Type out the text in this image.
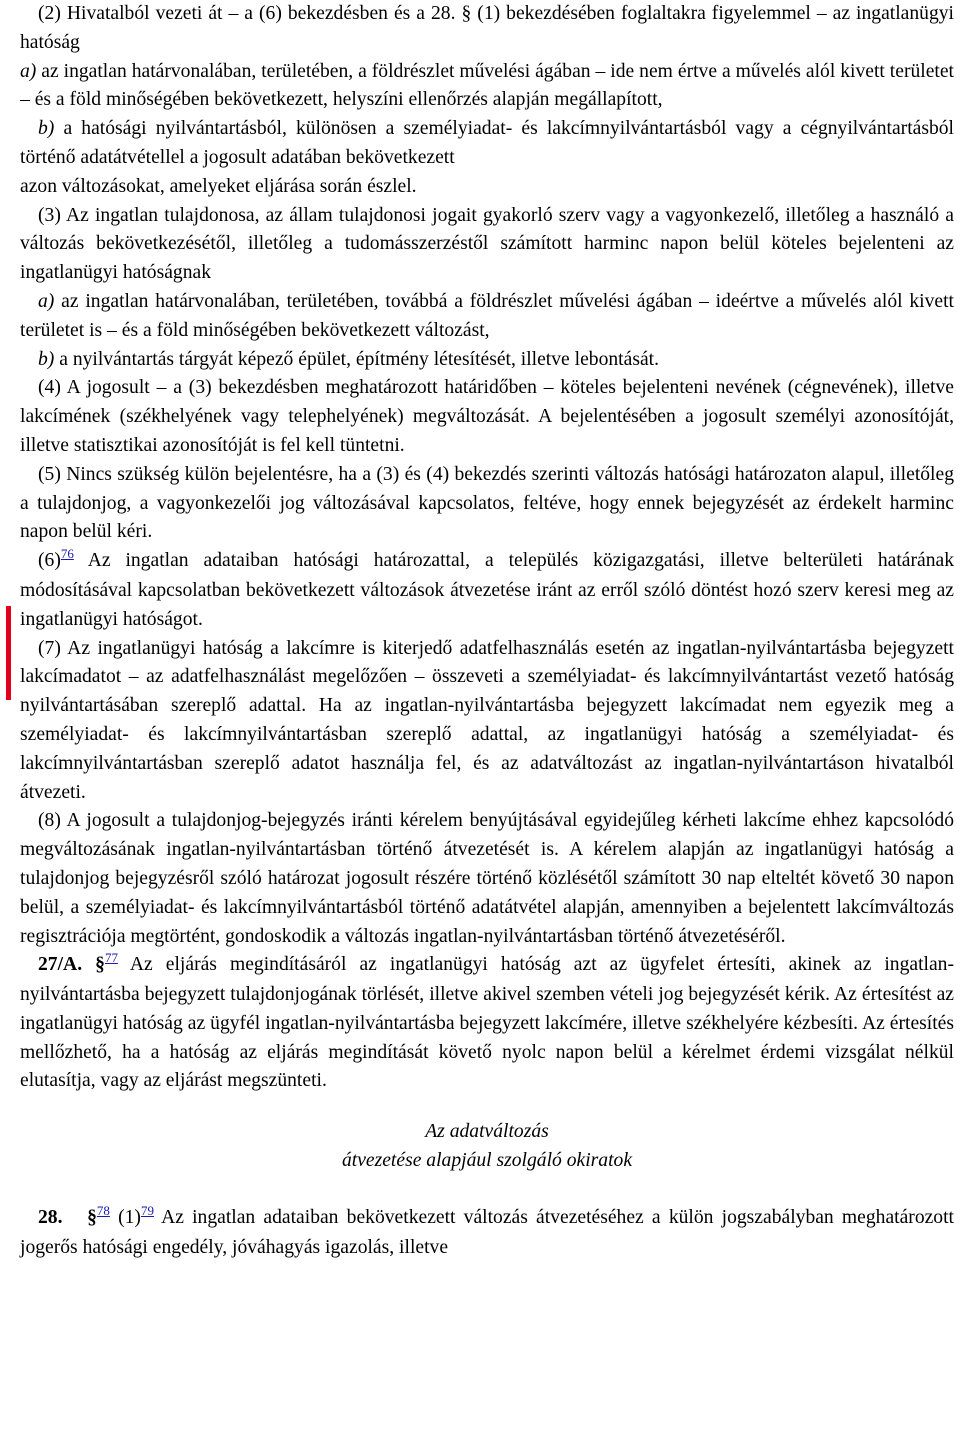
(2) Hivatalból vezeti át – a (6) bekezdésben és a 28. § (1) bekezdésében foglaltakra figyelemmel – az ingatlanügyi hatóság

a) az ingatlan határvonalában, területében, a földrészlet művelési ágában – ide nem értve a művelés alól kivett területet – és a föld minőségében bekövetkezett, helyszíni ellenőrzés alapján megállapított,

b) a hatósági nyilvántartásból, különösen a személyiadat- és lakcímnyilvántartásból vagy a cégnyilvántartásból történő adatátvétellel a jogosult adatában bekövetkezett

azon változásokat, amelyeket eljárása során észlel.

(3) Az ingatlan tulajdonosa, az állam tulajdonosi jogait gyakorló szerv vagy a vagyonkezelő, illetőleg a használó a változás bekövetkezésétől, illetőleg a tudomásszerzéstől számított harminc napon belül köteles bejelenteni az ingatlanügyi hatóságnak

a) az ingatlan határvonalában, területében, továbbá a földrészlet művelési ágában – ideértve a művelés alól kivett területet is – és a föld minőségében bekövetkezett változást,

b) a nyilvántartás tárgyát képező épület, építmény létesítését, illetve lebontását.

(4) A jogosult – a (3) bekezdésben meghatározott határidőben – köteles bejelenteni nevének (cégnevének), illetve lakcímének (székhelyének vagy telephelyének) megváltozását. A bejelentésében a jogosult személyi azonosítóját, illetve statisztikai azonosítóját is fel kell tüntetni.

(5) Nincs szükség külön bejelentésre, ha a (3) és (4) bekezdés szerinti változás hatósági határozaton alapul, illetőleg a tulajdonjog, a vagyonkezelői jog változásával kapcsolatos, feltéve, hogy ennek bejegyzését az érdekelt harminc napon belül kéri.

(6)$^{76}$ Az ingatlan adataiban hatósági határozattal, a település közigazgatási, illetve belterületi határának módosításával kapcsolatban bekövetkezett változások átvezetése iránt az erről szóló döntést hozó szerv keresi meg az ingatlanügyi hatóságot.

(7) Az ingatlanügyi hatóság a lakcímre is kiterjedő adatfelhasználás esetén az ingatlan-nyilvántartásba bejegyzett lakcímadatot – az adatfelhasználást megelőzően – összeveti a személyiadat- és lakcímnyilvántartást vezető hatóság nyilvántartásában szereplő adattal. Ha az ingatlan-nyilvántartásba bejegyzett lakcímadat nem egyezik meg a személyiadat- és lakcímnyilvántartásban szereplő adattal, az ingatlanügyi hatóság a személyiadat- és lakcímnyilvántartásban szereplő adatot használja fel, és az adatváltozást az ingatlan-nyilvántartáson hivatalból átvezeti.

(8) A jogosult a tulajdonjog-bejegyzés iránti kérelem benyújtásával egyidejűleg kérheti lakcíme ehhez kapcsolódó megváltozásának ingatlan-nyilvántartásban történő átvezetését is. A kérelem alapján az ingatlanügyi hatóság a tulajdonjog bejegyzésről szóló határozat jogosult részére történő közlésétől számított 30 nap elteltét követő 30 napon belül, a személyiadat- és lakcímnyilvántartásból történő adatátvétel alapján, amennyiben a bejelentett lakcímváltozás regisztrációja megtörtént, gondoskodik a változás ingatlan-nyilvántartásban történő átvezetéséről.

27/A. §$^{77}$ Az eljárás megindításáról az ingatlanügyi hatóság azt az ügyfelet értesíti, akinek az ingatlan-nyilvántartásba bejegyzett tulajdonjogának törlését, illetve akivel szemben vételi jog bejegyzését kérik. Az értesítést az ingatlanügyi hatóság az ügyfél ingatlan-nyilvántartásba bejegyzett lakcímére, illetve székhelyére kézbesíti. Az értesítés mellőzhető, ha a hatóság az eljárás megindítását követő nyolc napon belül a kérelmet érdemi vizsgálat nélkül elutasítja, vagy az eljárást megszünteti.

Az adatváltozás

átvezetése alapjául szolgáló okiratok

28. §$^{78}$ (1)$^{79}$ Az ingatlan adataiban bekövetkezett változás átvezetéséhez a külön jogszabályban meghatározott jogerős hatósági engedély, jóváhagyás igazolás, illetve
